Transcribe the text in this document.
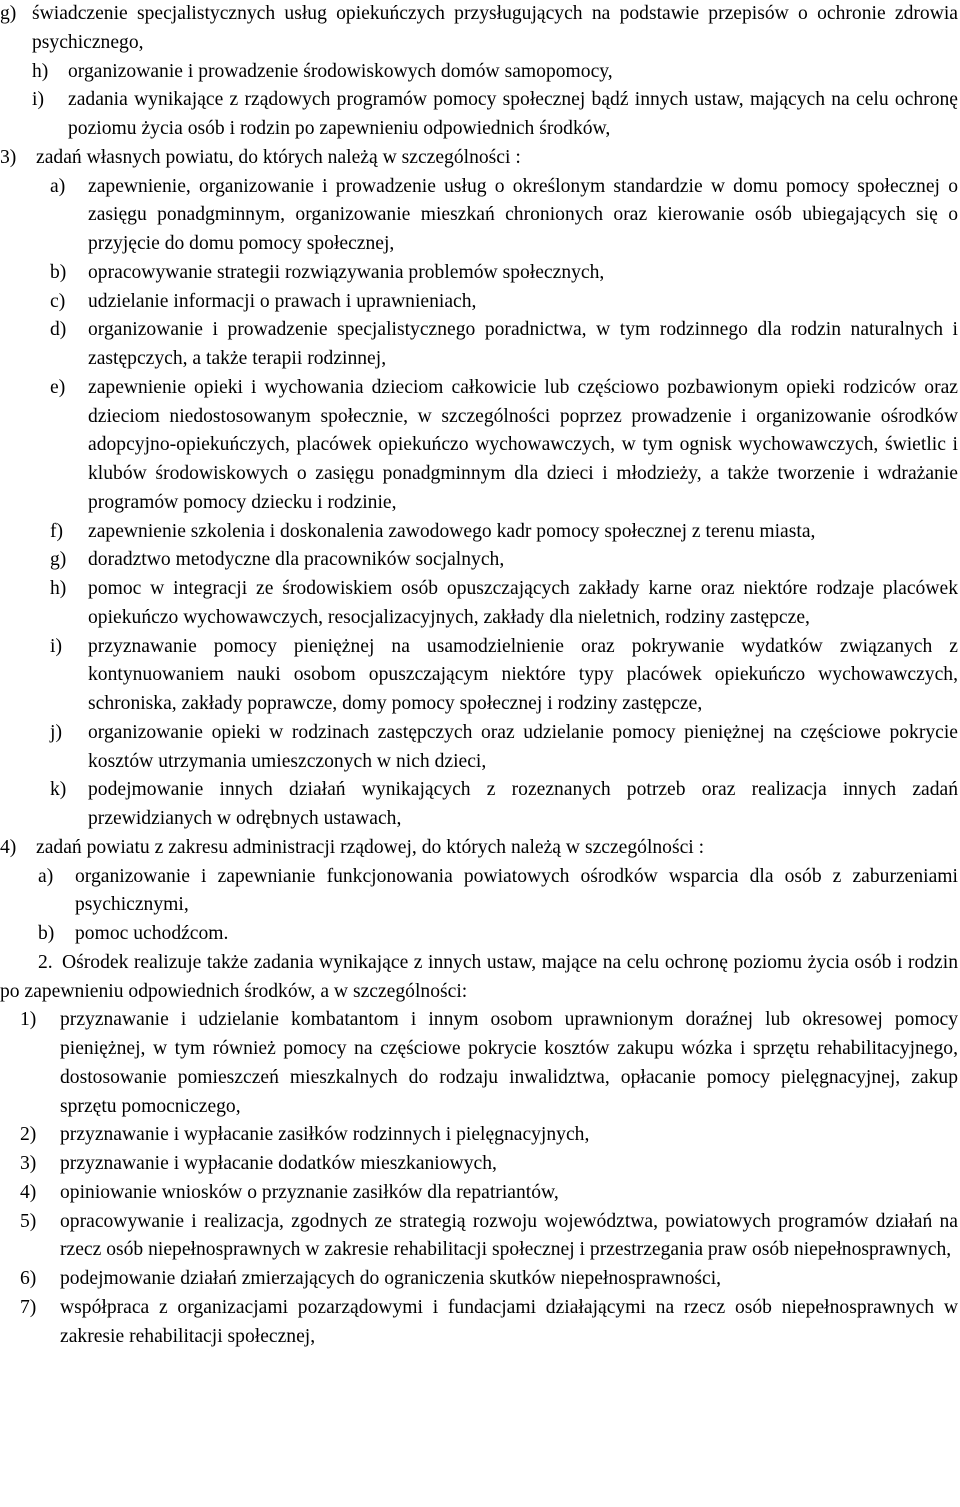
g) świadczenie specjalistycznych usług opiekuńczych przysługujących na podstawie przepisów o ochronie zdrowia psychicznego,
h) organizowanie i prowadzenie środowiskowych domów samopomocy,
i) zadania wynikające z rządowych programów pomocy społecznej bądź innych ustaw, mających na celu ochronę poziomu życia osób i rodzin po zapewnieniu odpowiednich środków,
3) zadań własnych powiatu, do których należą w szczególności :
a) zapewnienie, organizowanie i prowadzenie usług o określonym standardzie w domu pomocy społecznej o zasięgu ponadgminnym, organizowanie mieszkań chronionych oraz kierowanie osób ubiegających się o przyjęcie do domu pomocy społecznej,
b) opracowywanie strategii rozwiązywania problemów społecznych,
c) udzielanie informacji o prawach i uprawnieniach,
d) organizowanie i prowadzenie specjalistycznego poradnictwa, w tym rodzinnego dla rodzin naturalnych i zastępczych, a także terapii rodzinnej,
e) zapewnienie opieki i wychowania dzieciom całkowicie lub częściowo pozbawionym opieki rodziców oraz dzieciom niedostosowanym społecznie, w szczególności poprzez prowadzenie i organizowanie ośrodków adopcyjno-opiekuńczych, placówek opiekuńczo wychowawczych, w tym ognisk wychowawczych, świetlic i klubów środowiskowych o zasięgu ponadgminnym dla dzieci i młodzieży, a także tworzenie i wdrażanie programów pomocy dziecku i rodzinie,
f) zapewnienie szkolenia i doskonalenia zawodowego kadr pomocy społecznej z terenu miasta,
g) doradztwo metodyczne dla pracowników socjalnych,
h) pomoc w integracji ze środowiskiem osób opuszczających zakłady karne oraz niektóre rodzaje placówek opiekuńczo wychowawczych, resocjalizacyjnych, zakłady dla nieletnich, rodziny zastępcze,
i) przyznawanie pomocy pieniężnej na usamodzielnienie oraz pokrywanie wydatków związanych z kontynuowaniem nauki osobom opuszczającym niektóre typy placówek opiekuńczo wychowawczych, schroniska, zakłady poprawcze, domy pomocy społecznej i rodziny zastępcze,
j) organizowanie opieki w rodzinach zastępczych oraz udzielanie pomocy pieniężnej na częściowe pokrycie kosztów utrzymania umieszczonych w nich dzieci,
k) podejmowanie innych działań wynikających z rozeznanych potrzeb oraz realizacja innych zadań przewidzianych w odrębnych ustawach,
4) zadań powiatu z zakresu administracji rządowej, do których należą w szczególności :
a) organizowanie i zapewnianie funkcjonowania powiatowych ośrodków wsparcia dla osób z zaburzeniami psychicznymi,
b) pomoc uchodźcom.
2. Ośrodek realizuje także zadania wynikające z innych ustaw, mające na celu ochronę poziomu życia osób i rodzin po zapewnieniu odpowiednich środków, a w szczególności:
1) przyznawanie i udzielanie kombatantom i innym osobom uprawnionym doraźnej lub okresowej pomocy pieniężnej, w tym również pomocy na częściowe pokrycie kosztów zakupu wózka i sprzętu rehabilitacyjnego, dostosowanie pomieszczeń mieszkalnych do rodzaju inwalidztwa, opłacanie pomocy pielęgnacyjnej, zakup sprzętu pomocniczego,
2) przyznawanie i wypłacanie zasiłków rodzinnych i pielęgnacyjnych,
3) przyznawanie i wypłacanie dodatków mieszkaniowych,
4) opiniowanie wniosków o przyznanie zasiłków dla repatriantów,
5) opracowywanie i realizacja, zgodnych ze strategią rozwoju województwa, powiatowych programów działań na rzecz osób niepełnosprawnych w zakresie rehabilitacji społecznej i przestrzegania praw osób niepełnosprawnych,
6) podejmowanie działań zmierzających do ograniczenia skutków niepełnosprawności,
7) współpraca z organizacjami pozarządowymi i fundacjami działającymi na rzecz osób niepełnosprawnych w zakresie rehabilitacji społecznej,
